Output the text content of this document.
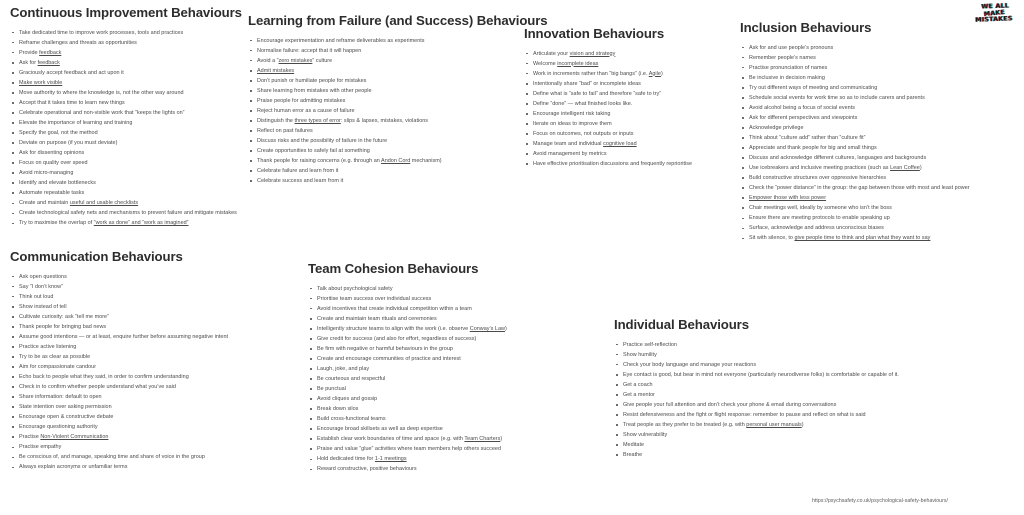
Continuous Improvement Behaviours
Take dedicated time to improve work processes, tools and practices
Reframe challenges and threats as opportunities
Provide feedback
Ask for feedback
Graciously accept feedback and act upon it
Make work visible
Move authority to where the knowledge is, not the other way around
Accept that it takes time to learn new things
Celebrate operational and non-visible work that “keeps the lights on”
Elevate the importance of learning and training
Specify the goal, not the method
Deviate on purpose (if you must deviate)
Ask for dissenting opinions
Focus on quality over speed
Avoid micro-managing
Identify and elevate bottlenecks
Automate repeatable tasks
Create and maintain useful and usable checklists
Create technological safety nets and mechanisms to prevent failure and mitigate mistakes
Try to maximise the overlap of “work as done” and “work as imagined”
Communication Behaviours
Ask open questions
Say “I don’t know”
Think out loud
Show instead of tell
Cultivate curiosity: ask “tell me more”
Thank people for bringing bad news
Assume good intentions — or at least, enquire further before assuming negative intent
Practice active listening
Try to be as clear as possible
Aim for compassionate candour
Echo back to people what they said, in order to confirm understanding
Check in to confirm whether people understand what you’ve said
Share information: default to open
State intention over asking permission
Encourage open & constructive debate
Encourage questioning authority
Practise Non-Violent Communication
Practise empathy
Be conscious of, and manage, speaking time and share of voice in the group
Always explain acronyms or unfamiliar terms
Learning from Failure (and Success) Behaviours
Encourage experimentation and reframe deliverables as experiments
Normalise failure: accept that it will happen
Avoid a “zero mistakes” culture
Admit mistakes
Don’t punish or humiliate people for mistakes
Share learning from mistakes with other people
Praise people for admitting mistakes
Reject human error as a cause of failure
Distinguish the three types of error: slips & lapses, mistakes, violations
Reflect on past failures
Discuss risks and the possibility of failure in the future
Create opportunities to safely fail at something
Thank people for raising concerns (e.g. through an Andon Cord mechanism)
Celebrate failure and learn from it
Celebrate success and learn from it
Team Cohesion Behaviours
Talk about psychological safety
Prioritise team success over individual success
Avoid incentives that create individual competition within a team
Create and maintain team rituals and ceremonies
Intelligently structure teams to align with the work (i.e. observe Conway’s Law)
Give credit for success (and also for effort, regardless of success)
Be firm with negative or harmful behaviours in the group
Create and encourage communities of practice and interest
Laugh, joke, and play
Be courteous and respectful
Be punctual
Avoid cliques and gossip
Break down silos
Build cross-functional teams
Encourage broad skillsets as well as deep expertise
Establish clear work boundaries of time and space (e.g. with Team Charters)
Praise and value “glue” activities where team members help others succeed
Hold dedicated time for 1-1 meetings
Reward constructive, positive behaviours
Innovation Behaviours
Articulate your vision and strategy
Welcome incomplete ideas
Work in increments rather than “big bangs” (i.e. Agile)
Intentionally share “bad” or incomplete ideas
Define what is “safe to fail” and therefore “safe to try”
Define “done” — what finished looks like.
Encourage intelligent risk taking
Iterate on ideas to improve them
Focus on outcomes, not outputs or inputs
Manage team and individual cognitive load
Avoid management by metrics
Have effective prioritisation discussions and frequently reprioritise
Inclusion Behaviours
Ask for and use people’s pronouns
Remember people’s names
Practise pronunciation of names
Be inclusive in decision making
Try out different ways of meeting and communicating
Schedule social events for work time so as to include carers and parents
Avoid alcohol being a focus of social events
Ask for different perspectives and viewpoints
Acknowledge privilege
Think about “culture add” rather than “culture fit”
Appreciate and thank people for big and small things
Discuss and acknowledge different cultures, languages and backgrounds
Use icebreakers and inclusive meeting practices (such as Lean Coffee)
Build constructive structures over oppressive hierarchies
Check the “power distance” in the group: the gap between those with most and least power
Empower those with less power
Chair meetings well, ideally by someone who isn’t the boss
Ensure there are meeting protocols to enable speaking up
Surface, acknowledge and address unconscious biases
Sit with silence, to give people time to think and plan what they want to say
Individual Behaviours
Practice self-reflection
Show humility
Check your body language and manage your reactions
Eye contact is good, but bear in mind not everyone (particularly neurodiverse folks) is comfortable or capable of it.
Get a coach
Get a mentor
Give people your full attention and don’t check your phone & email during conversations
Resist defensiveness and the fight or flight response: remember to pause and reflect on what is said
Treat people as they prefer to be treated (e.g. with personal user manuals)
Show vulnerability
Meditate
Breathe
WE ALL
MAKE
MISTAKES
https://psychsafety.co.uk/psychological-safety-behaviours/
